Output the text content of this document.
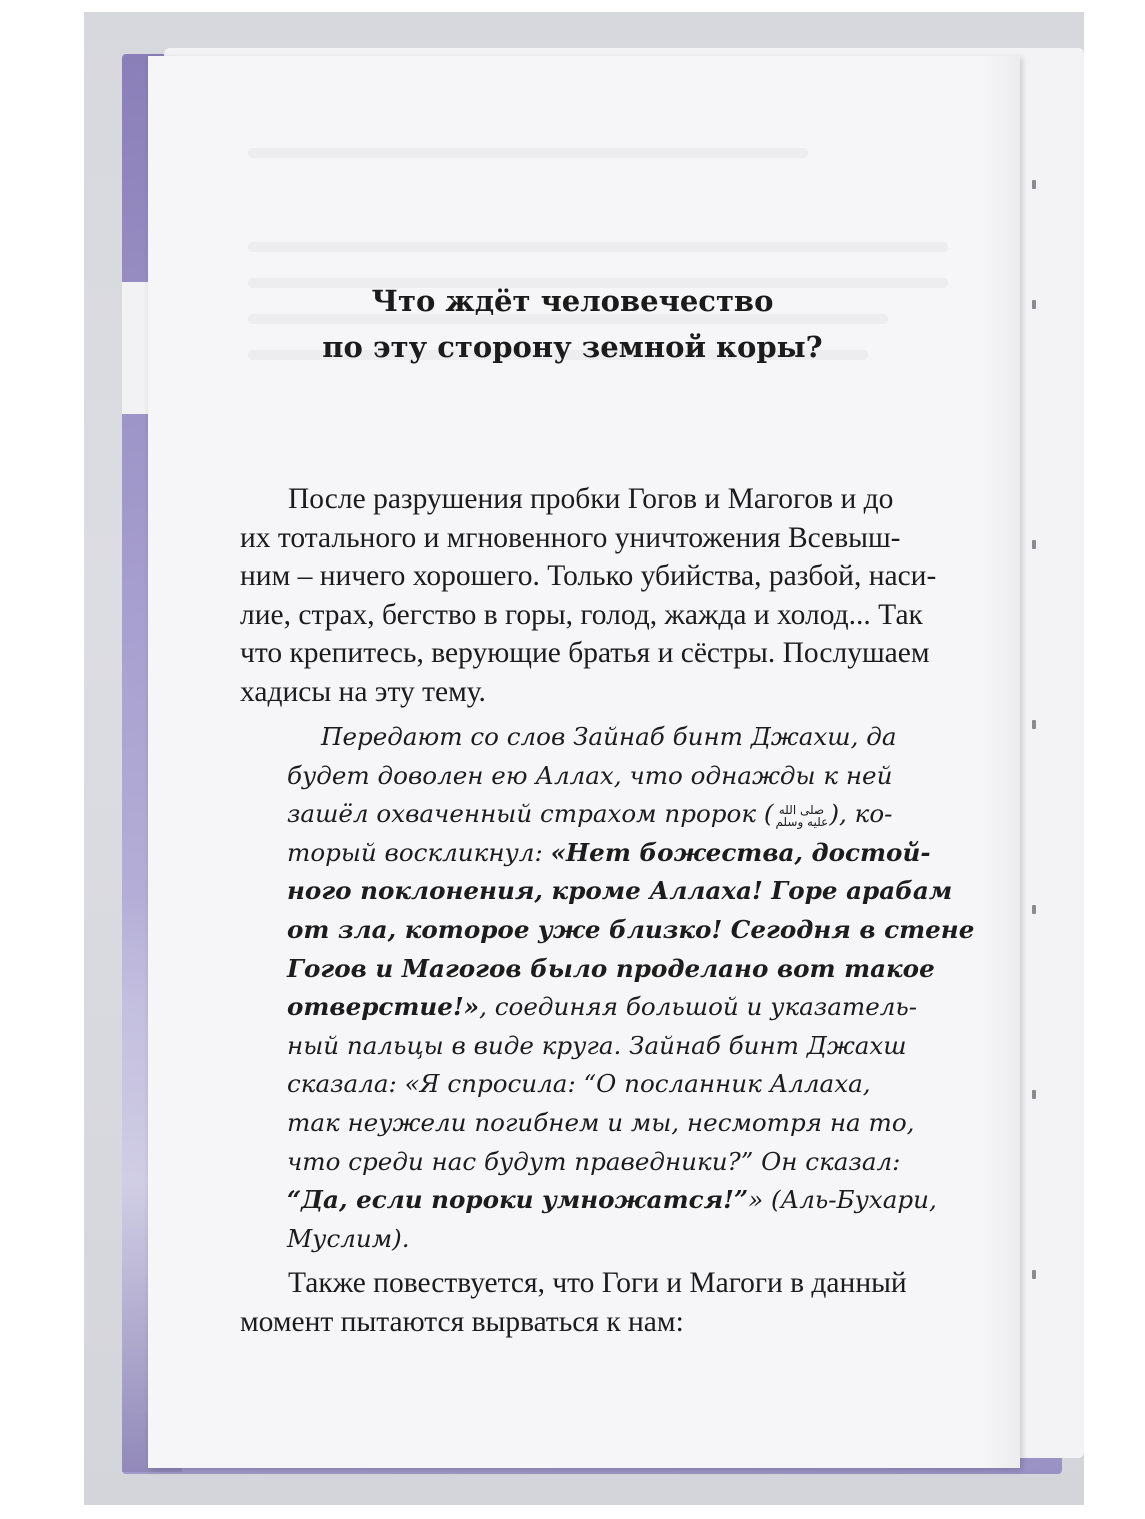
Что ждёт человечество
по эту сторону земной коры?

После разрушения пробки Гогов и Магогов и до
их тотального и мгновенного уничтожения Всевыш-
ним – ничего хорошего. Только убийства, разбой, наси-
лие, страх, бегство в горы, голод, жажда и холод... Так
что крепитесь, верующие братья и сёстры. Послушаем
хадисы на эту тему.

Передают со слов Зайнаб бинт Джахш, да
будет доволен ею Аллах, что однажды к ней
зашёл охваченный страхом пророк ( صلى الله
عليه وسلم ), ко-
торый воскликнул: «Нет божества, достой-
ного поклонения, кроме Аллаха! Горе арабам
от зла, которое уже близко! Сегодня в стене
Гогов и Магогов было проделано вот такое
отверстие!», соединяя большой и указатель-
ный пальцы в виде круга. Зайнаб бинт Джахш
сказала: «Я спросила: “О посланник Аллаха,
так неужели погибнем и мы, несмотря на то,
что среди нас будут праведники?” Он сказал:
“Да, если пороки умножатся!”» (Аль-Бухари,
Муслим).

Также повествуется, что Гоги и Магоги в данный
момент пытаются вырваться к нам:
